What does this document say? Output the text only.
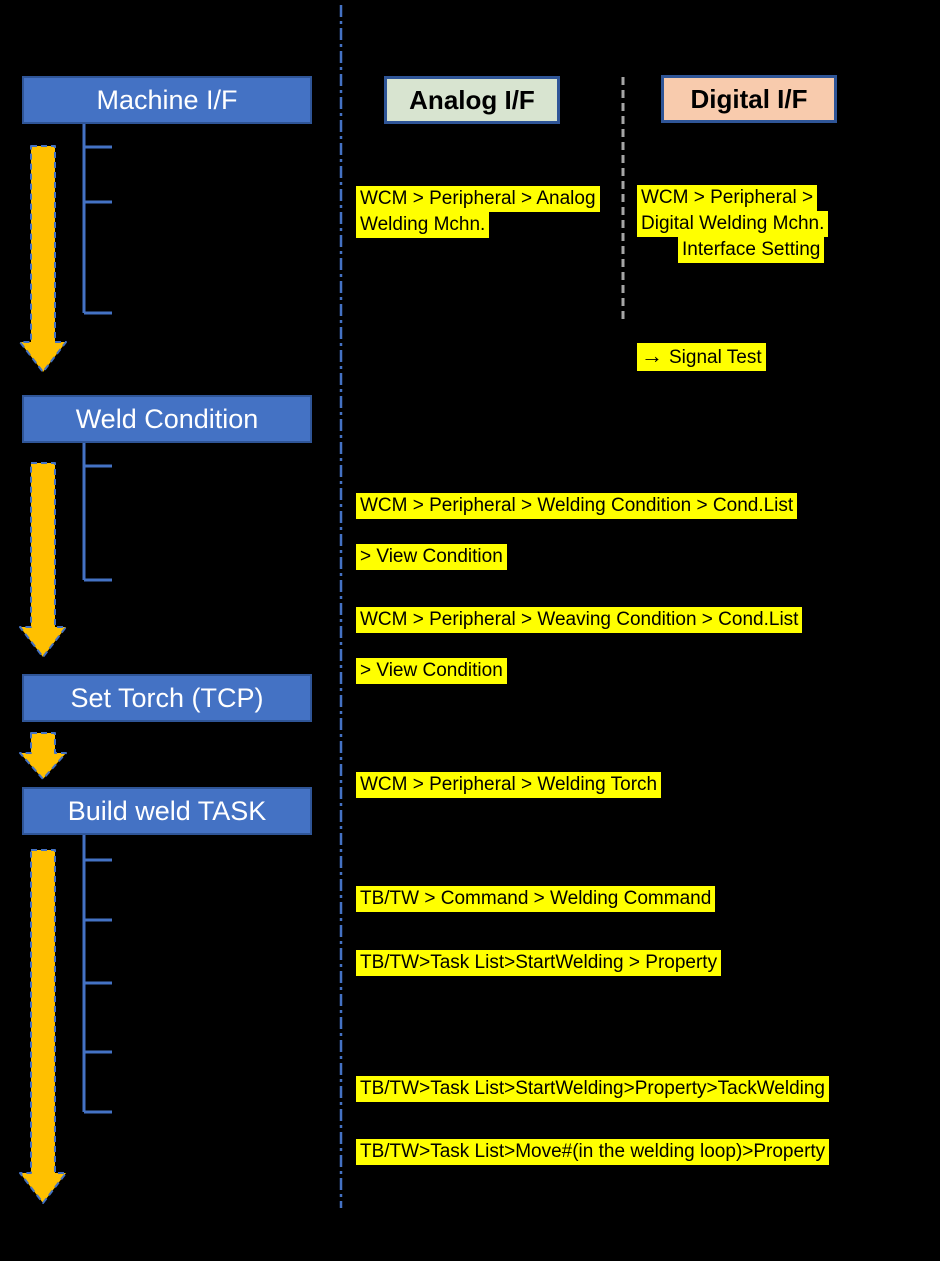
Machine I/F
Weld Condition
Set Torch (TCP)
Build weld TASK
Analog I/F	Digital I/F
WCM > Peripheral > Analog
Welding Mchn.
WCM > Peripheral >
Digital Welding Mchn.
Interface Setting
→ Signal Test
WCM > Peripheral > Welding Condition > Cond.List
> View Condition
WCM > Peripheral > Weaving Condition > Cond.List
> View Condition
WCM > Peripheral > Welding Torch
TB/TW > Command > Welding Command
TB/TW>Task List>StartWelding > Property
TB/TW>Task List>StartWelding>Property>TackWelding
TB/TW>Task List>Move#(in the welding loop)>Property
